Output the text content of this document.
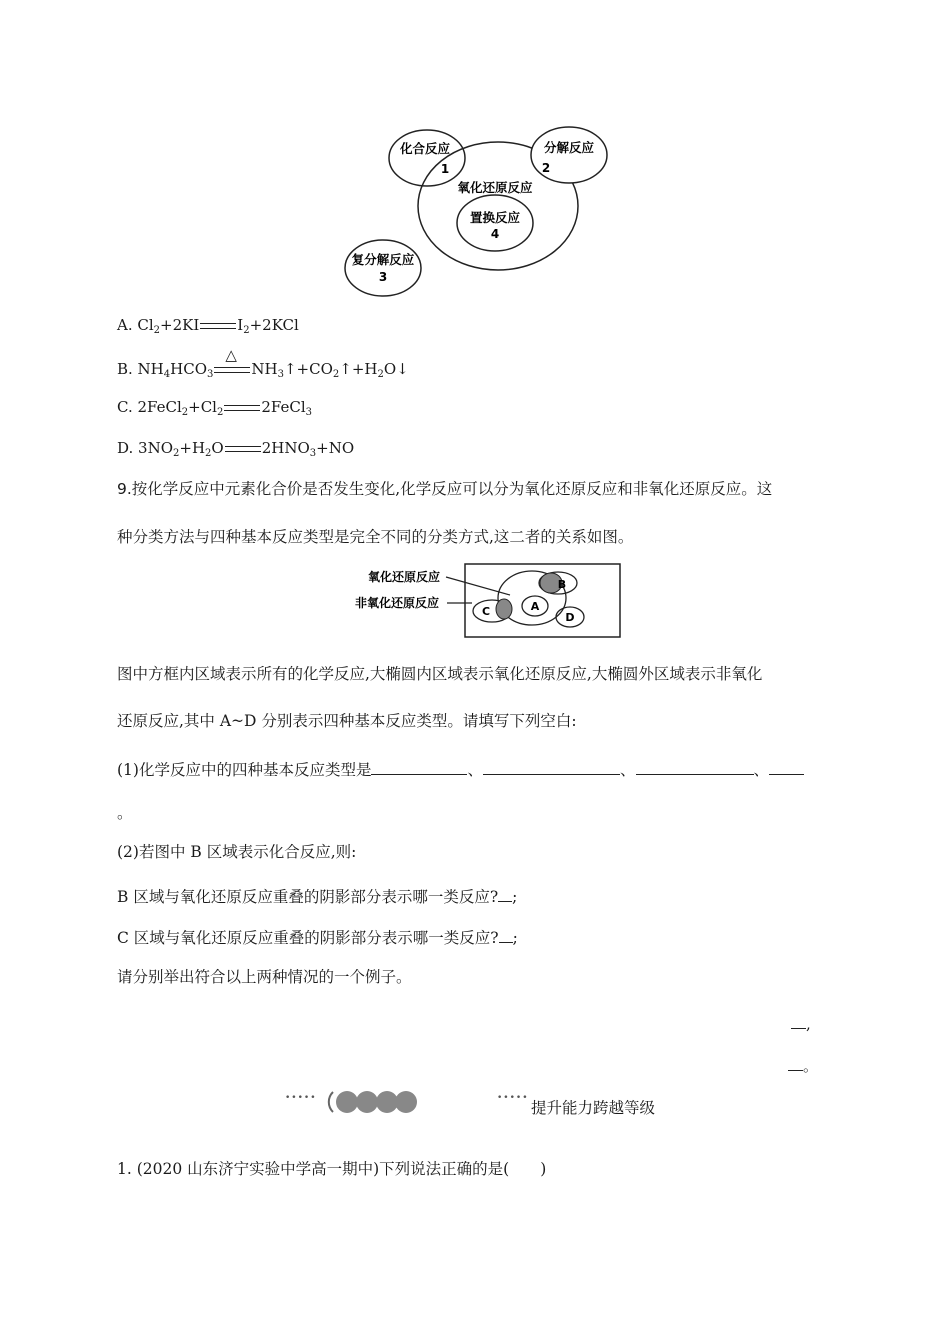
化合反应
1
分解反应
2
氧化还原反应
置换反应
4
复分解反应
3
A. $Cl_2+2KI$	$I_2+2KCl$
B. $NH_4HCO_3$
△
$NH_3↑+CO_2↑+H_2O↓$
C. $2FeCl_2+Cl_2$	2FeCl$_3$
D. $3NO_2+H_2O$	$2HNO_3+NO$
9.按化学反应中元素化合价是否发生变化,化学反应可以分为氧化还原反应和非氧化还原反应。这
种分类方法与四种基本反应类型是完全不同的分类方式,这二者的关系如图。
氧化还原反应
非氧化还原反应
B
C	A
D
图中方框内区域表示所有的化学反应,大椭圆内区域表示氧化还原反应,大椭圆外区域表示非氧化
还原反应,其中 A~D 分别表示四种基本反应类型。请填写下列空白:
(1)化学反应中的四种基本反应类型是	、	、	、
。
(2)若图中 B 区域表示化合反应,则:
B 区域与氧化还原反应重叠的阴影部分表示哪一类反应? ;
C 区域与氧化还原反应重叠的阴影部分表示哪一类反应? ;
请分别举出符合以上两种情况的一个例子。
,
。
•••••	•••••
提升能力跨越等级
1. (2020 山东济宁实验中学高一期中)下列说法正确的是(　　)
